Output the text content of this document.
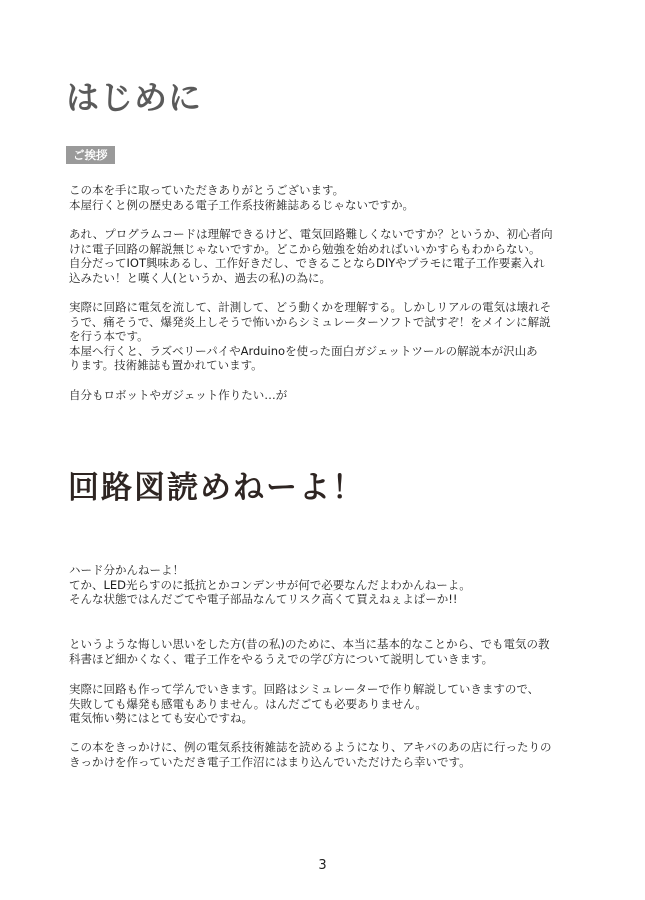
はじめに
ご挨拶

この本を手に取っていただきありがとうございます。
本屋行くと例の歴史ある電子工作系技術雑誌あるじゃないですか。

あれ、プログラムコードは理解できるけど、電気回路難しくないですか？というか、初心者向
けに電子回路の解説無じゃないですか。どこから勉強を始めればいいかすらもわからない。
自分だってIOT興味あるし、工作好きだし、できることならDIYやプラモに電子工作要素入れ
込みたい！と嘆く人(というか、過去の私)の為に。

実際に回路に電気を流して、計測して、どう動くかを理解する。しかしリアルの電気は壊れそ
うで、痛そうで、爆発炎上しそうで怖いからシミュレーターソフトで試すぞ！をメインに解説
を行う本です。
本屋へ行くと、ラズベリーパイやArduinoを使った面白ガジェットツールの解説本が沢山あ
ります。技術雑誌も置かれています。

自分もロボットやガジェット作りたい…が

回路図読めねーよ！

ハード分かんねーよ！
てか、LED光らすのに抵抗とかコンデンサが何で必要なんだよわかんねーよ。
そんな状態ではんだごてや電子部品なんてリスク高くて買えねぇよぱーか!!

というような悔しい思いをした方(昔の私)のために、本当に基本的なことから、でも電気の教
科書ほど細かくなく、電子工作をやるうえでの学び方について説明していきます。

実際に回路も作って学んでいきます。回路はシミュレーターで作り解説していきますので、
失敗しても爆発も感電もありません。はんだごても必要ありません。
電気怖い勢にはとても安心ですね。

この本をきっかけに、例の電気系技術雑誌を読めるようになり、アキバのあの店に行ったりの
きっかけを作っていただき電子工作沼にはまり込んでいただけたら幸いです。

3
